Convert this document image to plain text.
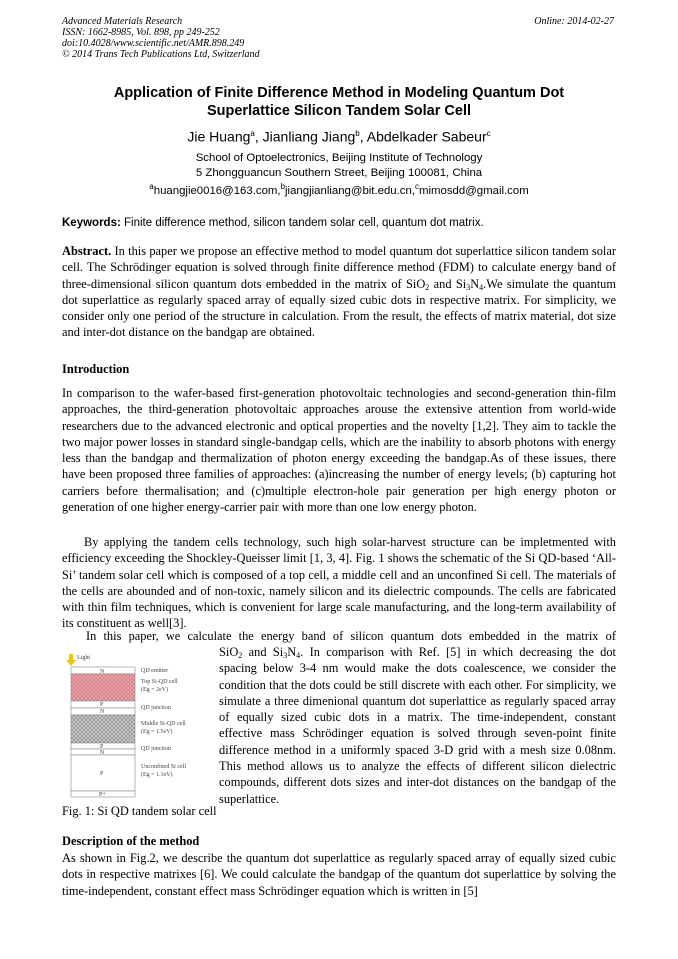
Advanced Materials Research
ISSN: 1662-8985, Vol. 898, pp 249-252
doi:10.4028/www.scientific.net/AMR.898.249
© 2014 Trans Tech Publications Ltd, Switzerland
Online: 2014-02-27
Application of Finite Difference Method in Modeling Quantum Dot
Superlattice Silicon Tandem Solar Cell
Jie Huang$^a$, Jianliang Jiang$^b$, Abdelkader Sabeur$^c$
School of Optoelectronics, Beijing Institute of Technology
5 Zhongguancun Southern Street, Beijing 100081, China
$^a$huangjie0016@163.com,$^b$jiangjianliang@bit.edu.cn,$^c$mimosdd@gmail.com
Keywords: Finite difference method, silicon tandem solar cell, quantum dot matrix.
Abstract. In this paper we propose an effective method to model quantum dot superlattice silicon tandem solar cell. The Schrödinger equation is solved through finite difference method (FDM) to calculate energy band of three-dimensional silicon quantum dots embedded in the matrix of SiO$_2$ and $Si_3N_4.We$ simulate the quantum dot superlattice as regularly spaced array of equally sized cubic dots in respective matrix. For simplicity, we consider only one period of the structure in calculation. From the result, the effects of matrix material, dot size and inter-dot distance on the bandgap are obtained.
Introduction
In comparison to the wafer-based first-generation photovoltaic technologies and second-generation thin-film approaches, the third-generation photovoltaic approaches arouse the extensive attention from world-wide researchers due to the advanced electronic and optical properties and the novelty [1,2]. They aim to tackle the two major power losses in standard single-bandgap cells, which are the inability to absorb photons with energy less than the bandgap and thermalization of photon energy exceeding the bandgap.As of these issues, there have been proposed three families of approaches: (a)increasing the number of energy levels; (b) capturing hot carriers before thermalisation; and (c)multiple electron-hole pair generation per high energy photon or generation of one higher energy-carrier pair with more than one low energy photon.
By applying the tandem cells technology, such high solar-harvest structure can be impletmented with efficiency exceeding the Shockley-Queisser limit [1, 3, 4]. Fig. 1 shows the schematic of the Si QD-based ‘All-Si’ tandem solar cell which is composed of a top cell, a middle cell and an unconfined Si cell. The materials of the cells are abounded and of non-toxic, namely silicon and its dielectric compounds. The cells are fabricated with thin film techniques, which is convenient for large scale manufacturing, and the long-term availability of its constituent as well[3].
In this paper, we calculate the energy band of silicon quantum dots embedded in the matrix of
SiO$_2$ and $Si_3N_4$. In comparison with Ref. [5] in which decreasing the dot spacing below 3-4 nm would make the dots coalescence, we consider the condition that the dots could be still discrete with each other. For simplicity, we simulate a three dimenional quantum dot superlattice as regularly spaced array of equally sized cubic dots in a matrix. The time-independent, constant effective mass Schrödinger equation is solved through seven-point finite difference method in a uniformly spaced 3-D grid with a mesh size 0.08nm. This method allows us to analyze the effects of different silicon dielectric compounds, different dots sizes and inter-dot distances on the bandgap of the superlattice.
Light
N
P
N
P
N
P
P+
QD emitter
Top Si-QD cell
(Eg = 2eV)
QD junction
Middle Si-QD cell
(Eg = 1.5eV)
QD junction
Unconfined Si cell
(Eg = 1.1eV)
Fig. 1: Si QD tandem solar cell
Description of the method
As shown in Fig.2, we describe the quantum dot superlattice as regularly spaced array of equally sized cubic dots in respective matrixes [6]. We could calculate the bandgap of the quantum dot superlattice by solving the time-independent, constant effect mass Schrödinger equation which is written in [5]
